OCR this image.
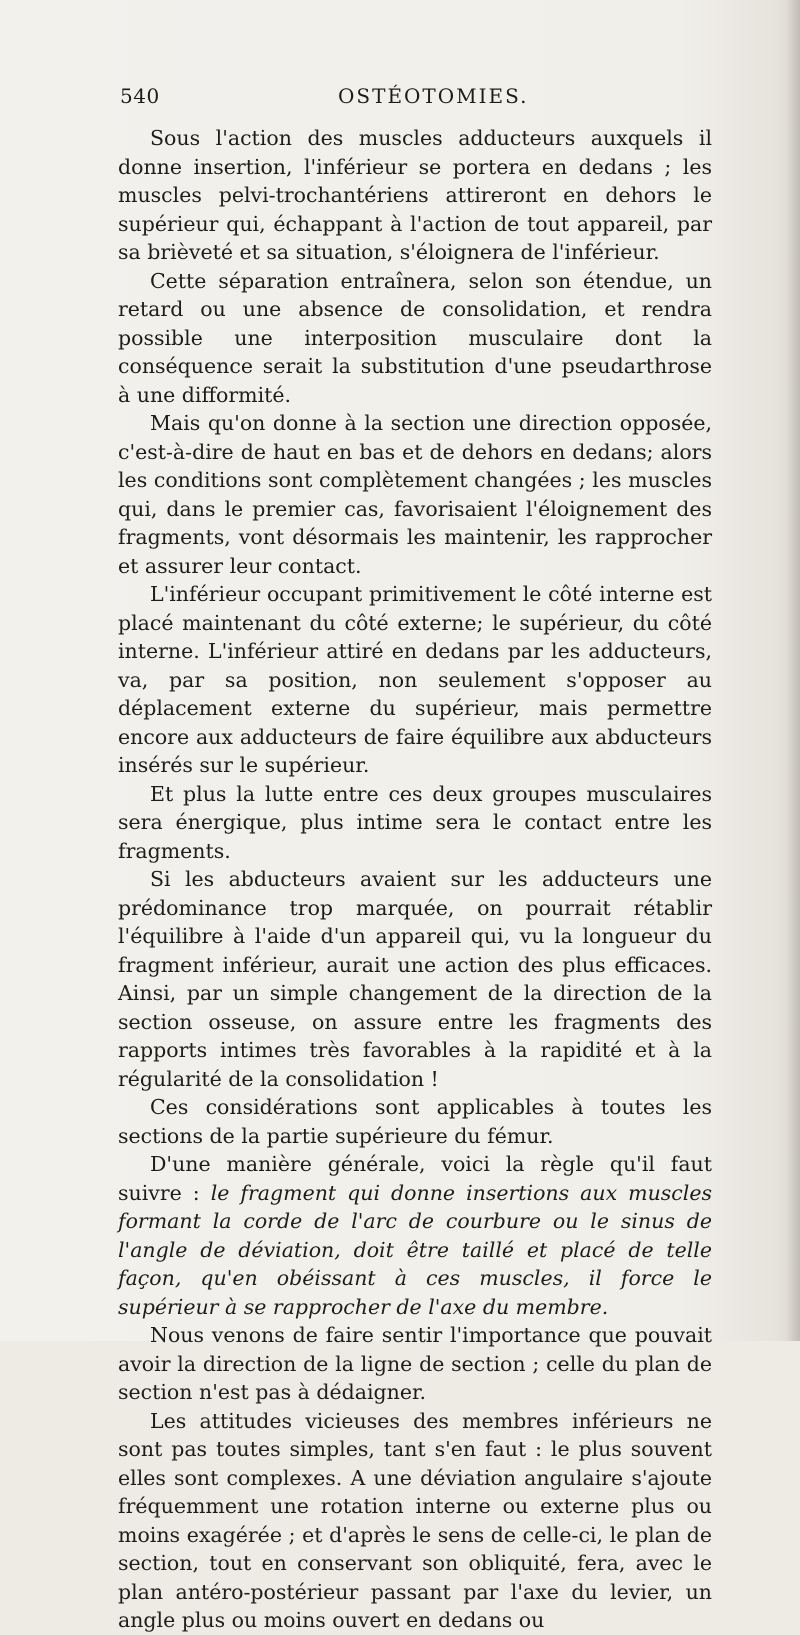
540	OSTÉOTOMIES.

Sous l'action des muscles adducteurs auxquels il donne insertion, l'inférieur se portera en dedans ; les muscles pelvi-trochantériens attireront en dehors le supérieur qui, échappant à l'action de tout appareil, par sa brièveté et sa situation, s'éloignera de l'inférieur.

Cette séparation entraînera, selon son étendue, un retard ou une absence de consolidation, et rendra possible une interposition musculaire dont la conséquence serait la substitution d'une pseudarthrose à une difformité.

Mais qu'on donne à la section une direction opposée, c'est-à-dire de haut en bas et de dehors en dedans; alors les conditions sont complètement changées ; les muscles qui, dans le premier cas, favorisaient l'éloignement des fragments, vont désormais les maintenir, les rapprocher et assurer leur contact.

L'inférieur occupant primitivement le côté interne est placé maintenant du côté externe; le supérieur, du côté interne. L'inférieur attiré en dedans par les adducteurs, va, par sa position, non seulement s'opposer au déplacement externe du supérieur, mais permettre encore aux adducteurs de faire équilibre aux abducteurs insérés sur le supérieur.

Et plus la lutte entre ces deux groupes musculaires sera énergique, plus intime sera le contact entre les fragments.

Si les abducteurs avaient sur les adducteurs une prédominance trop marquée, on pourrait rétablir l'équilibre à l'aide d'un appareil qui, vu la longueur du fragment inférieur, aurait une action des plus efficaces. Ainsi, par un simple changement de la direction de la section osseuse, on assure entre les fragments des rapports intimes très favorables à la rapidité et à la régularité de la consolidation !

Ces considérations sont applicables à toutes les sections de la partie supérieure du fémur.

D'une manière générale, voici la règle qu'il faut suivre : le fragment qui donne insertions aux muscles formant la corde de l'arc de courbure ou le sinus de l'angle de déviation, doit être taillé et placé de telle façon, qu'en obéissant à ces muscles, il force le supérieur à se rapprocher de l'axe du membre.

Nous venons de faire sentir l'importance que pouvait avoir la direction de la ligne de section ; celle du plan de section n'est pas à dédaigner.

Les attitudes vicieuses des membres inférieurs ne sont pas toutes simples, tant s'en faut : le plus souvent elles sont complexes. A une déviation angulaire s'ajoute fréquemment une rotation interne ou externe plus ou moins exagérée ; et d'après le sens de celle-ci, le plan de section, tout en conservant son obliquité, fera, avec le plan antéro-postérieur passant par l'axe du levier, un angle plus ou moins ouvert en dedans ou
